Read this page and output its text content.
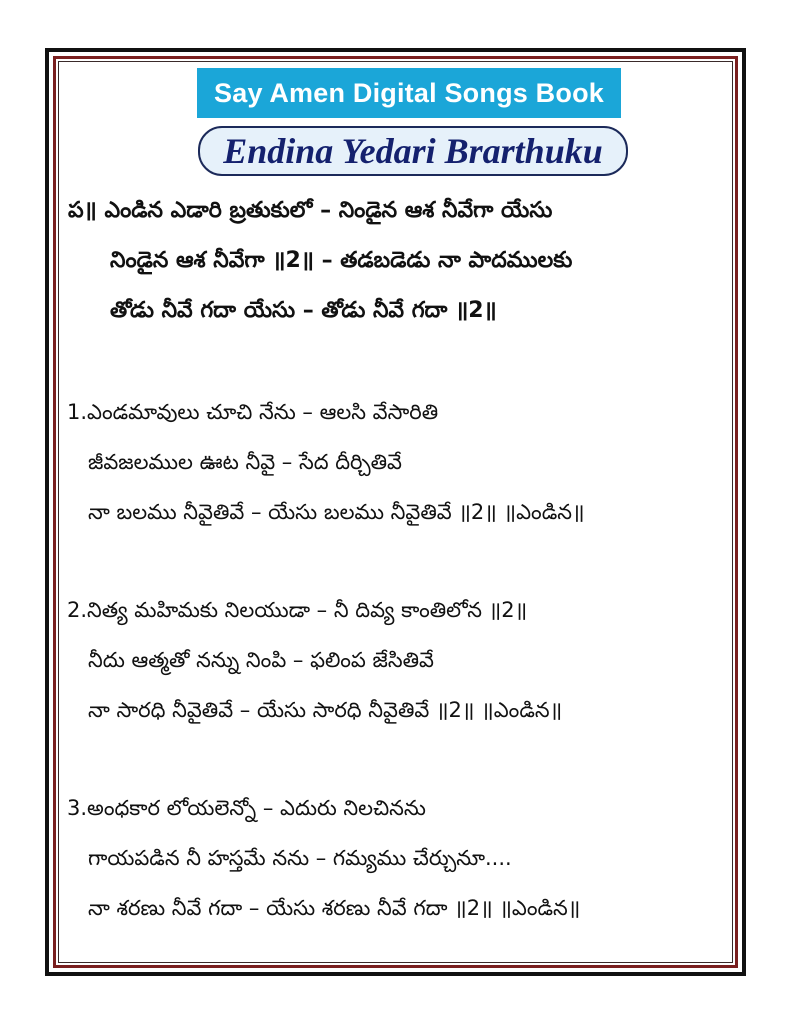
Say Amen Digital Songs Book
Endina Yedari Brarthuku
ప॥ ఎండిన ఎడారి బ్రతుకులో – నిండైన ఆశ నీవేగా యేసు
నిండైన ఆశ నీవేగా ॥2॥ – తడబడెడు నా పాదములకు
తోడు నీవే గదా యేసు – తోడు నీవే గదా ॥2॥
1.ఎండమావులు చూచి నేను – ఆలసి వేసారితి
జీవజలముల ఊట నీవై – సేద దీర్చితివే
నా బలము నీవైతివే – యేసు బలము నీవైతివే ॥2॥ ॥ఎండిన॥
2.నిత్య మహిమకు నిలయుడా – నీ దివ్య కాంతిలోన ॥2॥
నీదు ఆత్మతో నన్ను నింపి – ఫలింప జేసితివే
నా సారధి నీవైతివే – యేసు సారధి నీవైతివే ॥2॥ ॥ఎండిన॥
3.అంధకార లోయలెన్నో – ఎదురు నిలచినను
గాయపడిన నీ హస్తమే నను – గమ్యము చేర్చునూ....
నా శరణు నీవే గదా – యేసు శరణు నీవే గదా ॥2॥ ॥ఎండిన॥
